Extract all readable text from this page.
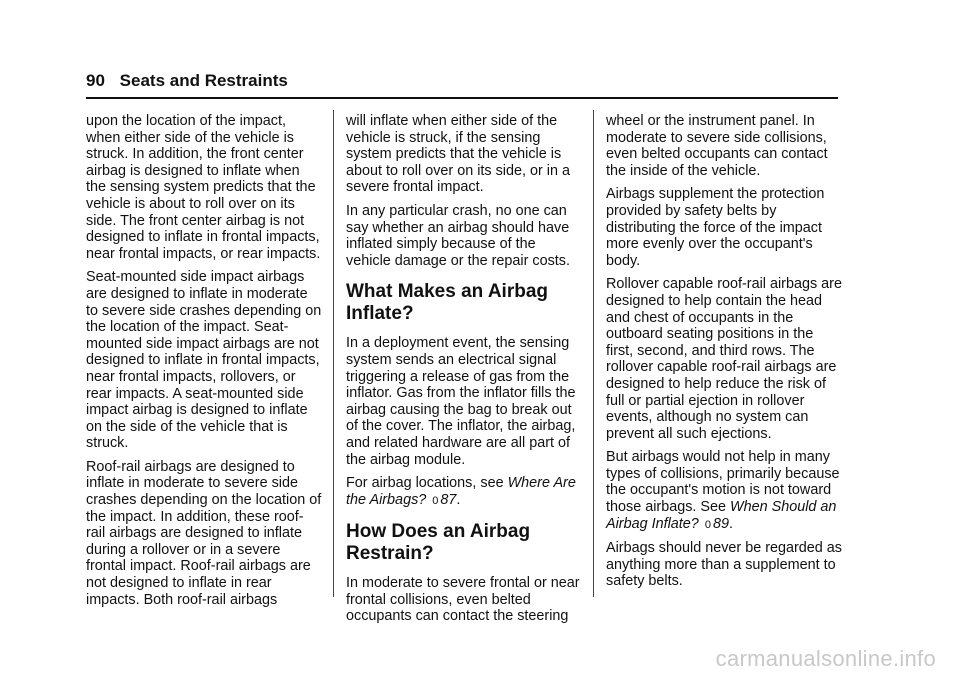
90 Seats and Restraints

upon the location of the impact, when either side of the vehicle is struck. In addition, the front center airbag is designed to inflate when the sensing system predicts that the vehicle is about to roll over on its side. The front center airbag is not designed to inflate in frontal impacts, near frontal impacts, or rear impacts.

Seat-mounted side impact airbags are designed to inflate in moderate to severe side crashes depending on the location of the impact. Seat-mounted side impact airbags are not designed to inflate in frontal impacts, near frontal impacts, rollovers, or rear impacts. A seat-mounted side impact airbag is designed to inflate on the side of the vehicle that is struck.

Roof-rail airbags are designed to inflate in moderate to severe side crashes depending on the location of the impact. In addition, these roof-rail airbags are designed to inflate during a rollover or in a severe frontal impact. Roof-rail airbags are not designed to inflate in rear impacts. Both roof-rail airbags

will inflate when either side of the vehicle is struck, if the sensing system predicts that the vehicle is about to roll over on its side, or in a severe frontal impact.

In any particular crash, no one can say whether an airbag should have inflated simply because of the vehicle damage or the repair costs.

What Makes an Airbag Inflate?

In a deployment event, the sensing system sends an electrical signal triggering a release of gas from the inflator. Gas from the inflator fills the airbag causing the bag to break out of the cover. The inflator, the airbag, and related hardware are all part of the airbag module.

For airbag locations, see Where Are the Airbags? 0 87.

How Does an Airbag Restrain?

In moderate to severe frontal or near frontal collisions, even belted occupants can contact the steering

wheel or the instrument panel. In moderate to severe side collisions, even belted occupants can contact the inside of the vehicle.

Airbags supplement the protection provided by safety belts by distributing the force of the impact more evenly over the occupant's body.

Rollover capable roof-rail airbags are designed to help contain the head and chest of occupants in the outboard seating positions in the first, second, and third rows. The rollover capable roof-rail airbags are designed to help reduce the risk of full or partial ejection in rollover events, although no system can prevent all such ejections.

But airbags would not help in many types of collisions, primarily because the occupant's motion is not toward those airbags. See When Should an Airbag Inflate? 0 89.

Airbags should never be regarded as anything more than a supplement to safety belts.

carmanualsonline.info
